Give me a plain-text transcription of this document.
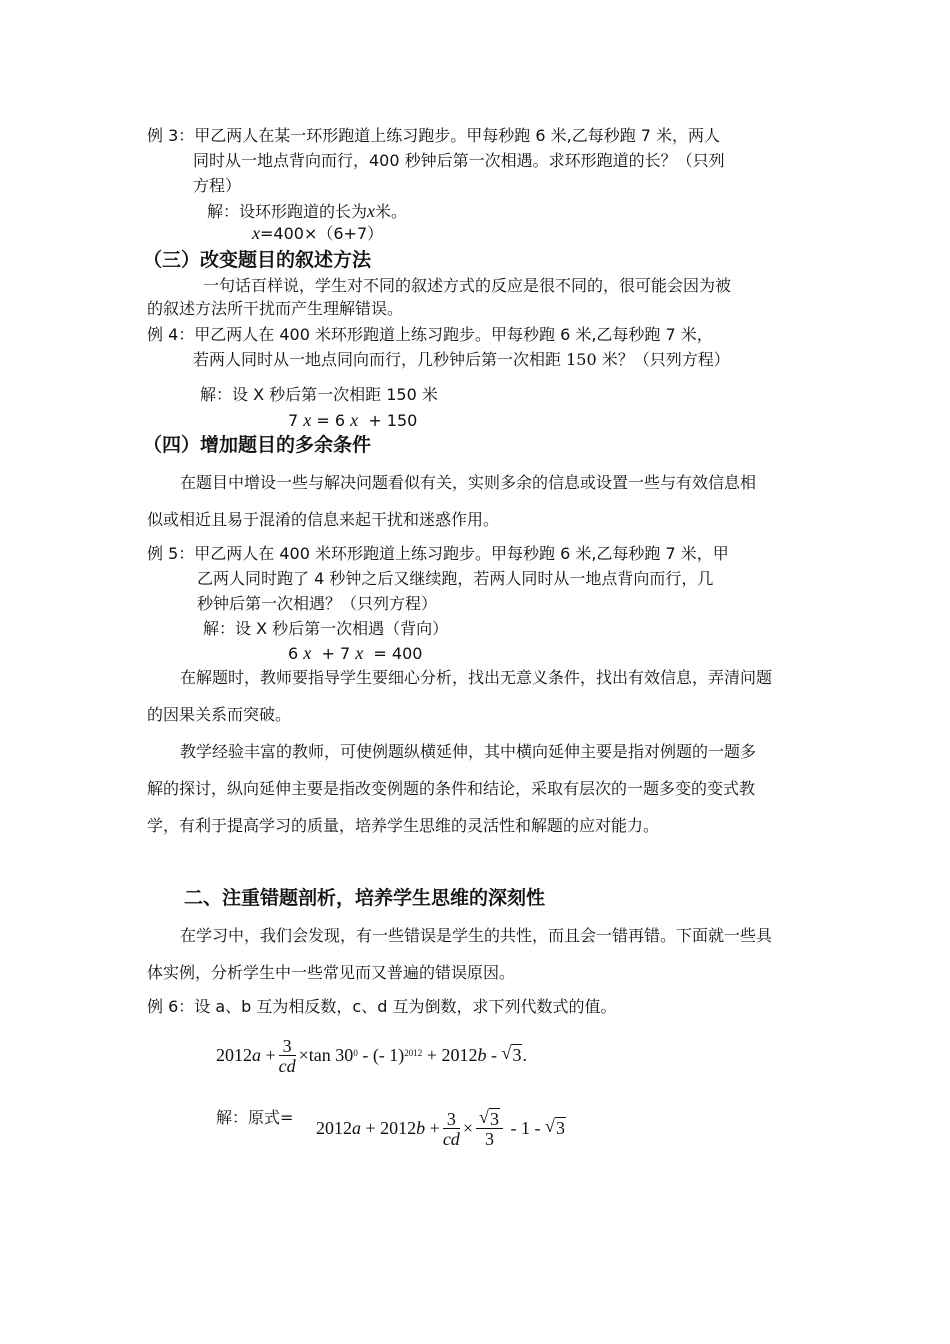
例 3：甲乙两人在某一环形跑道上练习跑步。甲每秒跑 6 米,乙每秒跑 7 米，两人
同时从一地点背向而行，400 秒钟后第一次相遇。求环形跑道的长？（只列
方程）
解：设环形跑道的长为x米。
x=400×（6+7）
（三）改变题目的叙述方法
一句话百样说，学生对不同的叙述方式的反应是很不同的，很可能会因为被
的叙述方法所干扰而产生理解错误。
例 4：甲乙两人在 400 米环形跑道上练习跑步。甲每秒跑 6 米,乙每秒跑 7 米，
若两人同时从一地点同向而行，几秒钟后第一次相距 150 米？（只列方程）
解：设 X 秒后第一次相距 150 米
7 x = 6 x + 150
（四）增加题目的多余条件
在题目中增设一些与解决问题看似有关，实则多余的信息或设置一些与有效信息相
似或相近且易于混淆的信息来起干扰和迷惑作用。
例 5：甲乙两人在 400 米环形跑道上练习跑步。甲每秒跑 6 米,乙每秒跑 7 米，甲
乙两人同时跑了 4 秒钟之后又继续跑，若两人同时从一地点背向而行，几
秒钟后第一次相遇？（只列方程）
解：设 X 秒后第一次相遇（背向）
6 x + 7 x = 400
在解题时，教师要指导学生要细心分析，找出无意义条件，找出有效信息，弄清问题
的因果关系而突破。
教学经验丰富的教师，可使例题纵横延伸，其中横向延伸主要是指对例题的一题多
解的探讨，纵向延伸主要是指改变例题的条件和结论，采取有层次的一题多变的变式教
学，有利于提高学习的质量，培养学生思维的灵活性和解题的应对能力。
二、注重错题剖析，培养学生思维的深刻性
在学习中，我们会发现，有一些错误是学生的共性，而且会一错再错。下面就一些具
体实例，分析学生中一些常见而又普遍的错误原因。
例 6：设 a、b 互为相反数，c、d 互为倒数，求下列代数式的值。
$2012a + \frac{3}{cd} \times\tan$ $30^0$ - (- 1)$^{2012}$ + 2012b - √ 3.
解：原式=
$2012a + 2012b + \frac{3}{cd}$ × √ $\frac{3}{3} - 1$ - √ 3
